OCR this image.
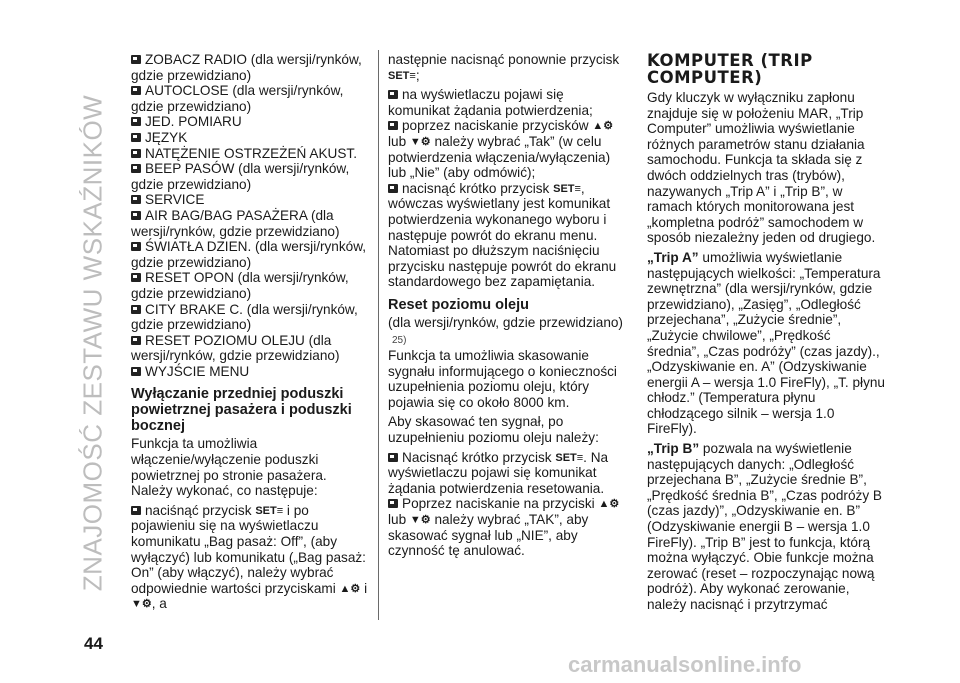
ZNAJOMOŚĆ ZESTAWU WSKAŹNIKÓW
ZOBACZ RADIO (dla wersji/rynków, gdzie przewidziano)
AUTOCLOSE (dla wersji/rynków, gdzie przewidziano)
JED. POMIARU
JĘZYK
NATĘŻENIE OSTRZEŻEŃ AKUST.
BEEP PASÓW (dla wersji/rynków, gdzie przewidziano)
SERVICE
AIR BAG/BAG PASAŻERA (dla wersji/rynków, gdzie przewidziano)
ŚWIATŁA DZIEN. (dla wersji/rynków, gdzie przewidziano)
RESET OPON (dla wersji/rynków, gdzie przewidziano)
CITY BRAKE C. (dla wersji/rynków, gdzie przewidziano)
RESET POZIOMU OLEJU (dla wersji/rynków, gdzie przewidziano)
WYJŚCIE MENU
Wyłączanie przedniej poduszki powietrznej pasażera i poduszki bocznej

Funkcja ta umożliwia włączenie/wyłączenie poduszki powietrznej po stronie pasażera. Należy wykonać, co następuje:

naciśnąć przycisk SET≡ i po pojawieniu się na wyświetlaczu komunikatu „Bag pasaż: Off”, (aby wyłączyć) lub komunikatu („Bag pasaż: On” (aby włączyć), należy wybrać odpowiednie wartości przyciskami ▲⚙ i ▼⚙, a

następnie nacisnąć ponownie przycisk SET≡;

na wyświetlaczu pojawi się komunikat żądania potwierdzenia;
poprzez naciskanie przycisków ▲⚙ lub ▼⚙ należy wybrać „Tak” (w celu potwierdzenia włączenia/wyłączenia) lub „Nie” (aby odmówić);
nacisnąć krótko przycisk SET≡, wówczas wyświetlany jest komunikat potwierdzenia wykonanego wyboru i następuje powrót do ekranu menu. Natomiast po dłuższym naciśnięciu przycisku następuje powrót do ekranu standardowego bez zapamiętania.
Reset poziomu oleju

(dla wersji/rynków, gdzie przewidziano)

25)

Funkcja ta umożliwia skasowanie sygnału informującego o konieczności uzupełnienia poziomu oleju, który pojawia się co około 8000 km.

Aby skasować ten sygnał, po uzupełnieniu poziomu oleju należy:

Nacisnąć krótko przycisk SET≡. Na wyświetlaczu pojawi się komunikat żądania potwierdzenia resetowania.
Poprzez naciskanie na przyciski ▲⚙ lub ▼⚙ należy wybrać „TAK”, aby skasować sygnał lub „NIE”, aby czynność tę anulować.
KOMPUTER (TRIP COMPUTER)

Gdy kluczyk w wyłączniku zapłonu znajduje się w położeniu MAR, „Trip Computer” umożliwia wyświetlanie różnych parametrów stanu działania samochodu. Funkcja ta składa się z dwóch oddzielnych tras (trybów), nazywanych „Trip A” i „Trip B”, w ramach których monitorowana jest „kompletna podróż” samochodem w sposób niezależny jeden od drugiego.

„Trip A” umożliwia wyświetlanie następujących wielkości: „Temperatura zewnętrzna” (dla wersji/rynków, gdzie przewidziano), „Zasięg”, „Odległość przejechana”, „Zużycie średnie”, „Zużycie chwilowe”, „Prędkość średnia”, „Czas podróży” (czas jazdy)., „Odzyskiwanie en. A” (Odzyskiwanie energii A – wersja 1.0 FireFly), „T. płynu chłodz.” (Temperatura płynu chłodzącego silnik – wersja 1.0 FireFly).

„Trip B” pozwala na wyświetlenie następujących danych: „Odległość przejechana B”, „Zużycie średnie B”, „Prędkość średnia B”, „Czas podróży B (czas jazdy)”, „Odzyskiwanie en. B” (Odzyskiwanie energii B – wersja 1.0 FireFly). „Trip B” jest to funkcja, którą można wyłączyć. Obie funkcje można zerować (reset – rozpoczynając nową podróż). Aby wykonać zerowanie, należy nacisnąć i przytrzymać

44
carmanualsonline.info
